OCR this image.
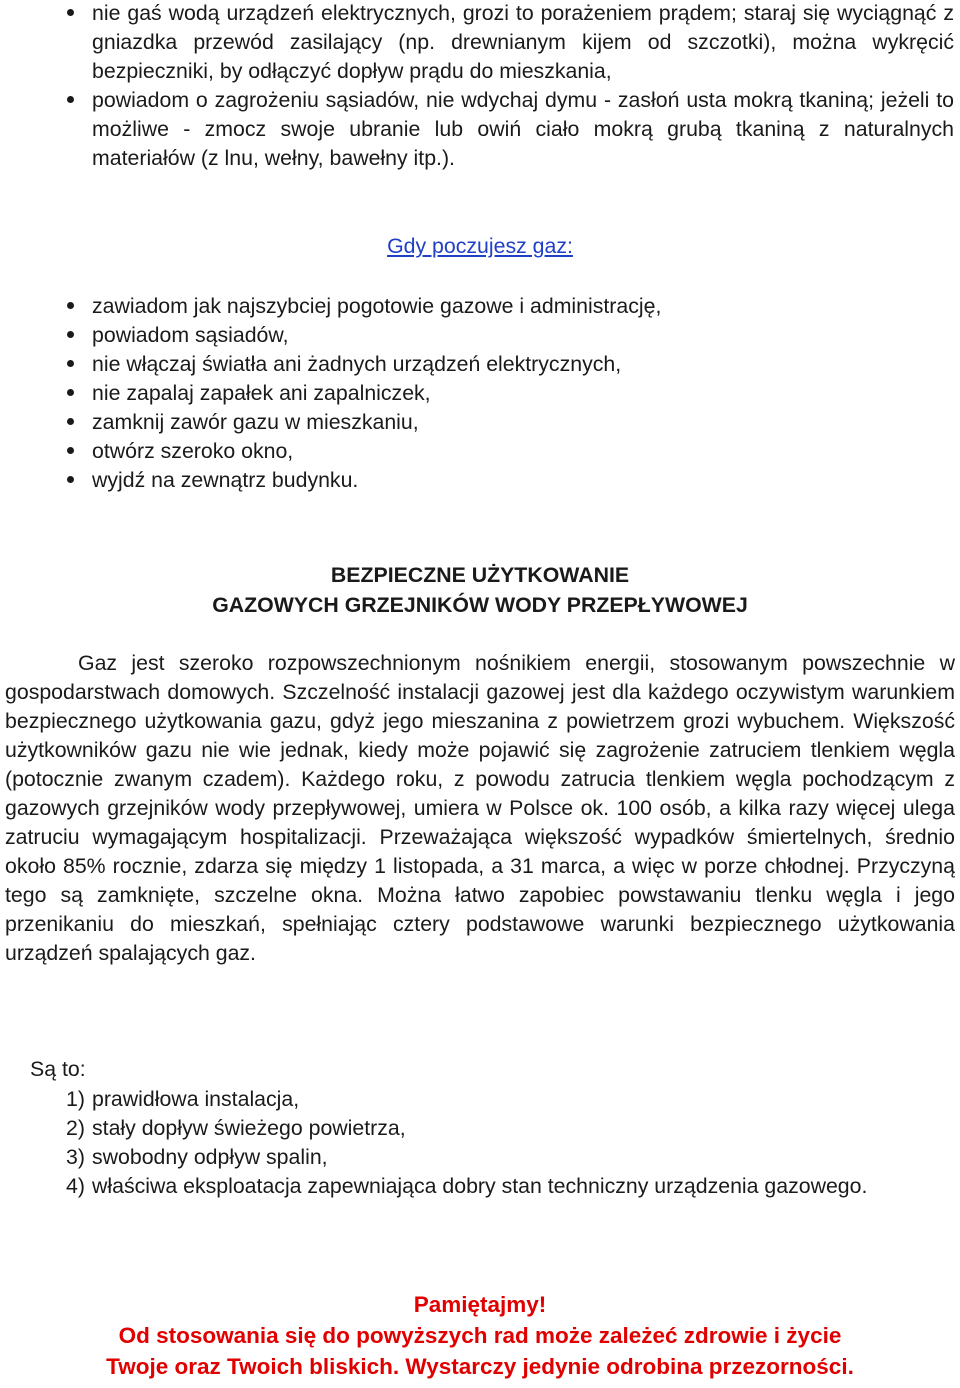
nie gaś wodą urządzeń elektrycznych, grozi to porażeniem prądem; staraj się wyciągnąć z gniazdka przewód zasilający (np. drewnianym kijem od szczotki), można wykręcić bezpieczniki, by odłączyć dopływ prądu do mieszkania,
powiadom o zagrożeniu sąsiadów, nie wdychaj dymu - zasłoń usta mokrą tkaniną; jeżeli to możliwe - zmocz swoje ubranie lub owiń ciało mokrą grubą tkaniną z naturalnych materiałów (z lnu, wełny, bawełny itp.).
Gdy poczujesz gaz:
zawiadom jak najszybciej pogotowie gazowe i administrację,
powiadom sąsiadów,
nie włączaj światła ani żadnych urządzeń elektrycznych,
nie zapalaj zapałek ani zapalniczek,
zamknij zawór gazu w mieszkaniu,
otwórz szeroko okno,
wyjdź na zewnątrz budynku.
BEZPIECZNE UŻYTKOWANIE
GAZOWYCH GRZEJNIKÓW WODY PRZEPŁYWOWEJ

Gaz jest szeroko rozpowszechnionym nośnikiem energii, stosowanym powszechnie w gospodarstwach domowych. Szczelność instalacji gazowej jest dla każdego oczywistym warunkiem bezpiecznego użytkowania gazu, gdyż jego mieszanina z powietrzem grozi wybuchem. Większość użytkowników gazu nie wie jednak, kiedy może pojawić się zagrożenie zatruciem tlenkiem węgla (potocznie zwanym czadem). Każdego roku, z powodu zatrucia tlenkiem węgla pochodzącym z gazowych grzejników wody przepływowej, umiera w Polsce ok. 100 osób, a kilka razy więcej ulega zatruciu wymagającym hospitalizacji. Przeważająca większość wypadków śmiertelnych, średnio około 85% rocznie, zdarza się między 1 listopada, a 31 marca, a więc w porze chłodnej. Przyczyną tego są zamknięte, szczelne okna. Można łatwo zapobiec powstawaniu tlenku węgla i jego przenikaniu do mieszkań, spełniając cztery podstawowe warunki bezpiecznego użytkowania urządzeń spalających gaz.

Są to:

1) prawidłowa instalacja,
2) stały dopływ świeżego powietrza,
3) swobodny odpływ spalin,
4) właściwa eksploatacja zapewniająca dobry stan techniczny urządzenia gazowego.
Pamiętajmy!
Od stosowania się do powyższych rad może zależeć zdrowie i życie
Twoje oraz Twoich bliskich. Wystarczy jedynie odrobina przezorności.
